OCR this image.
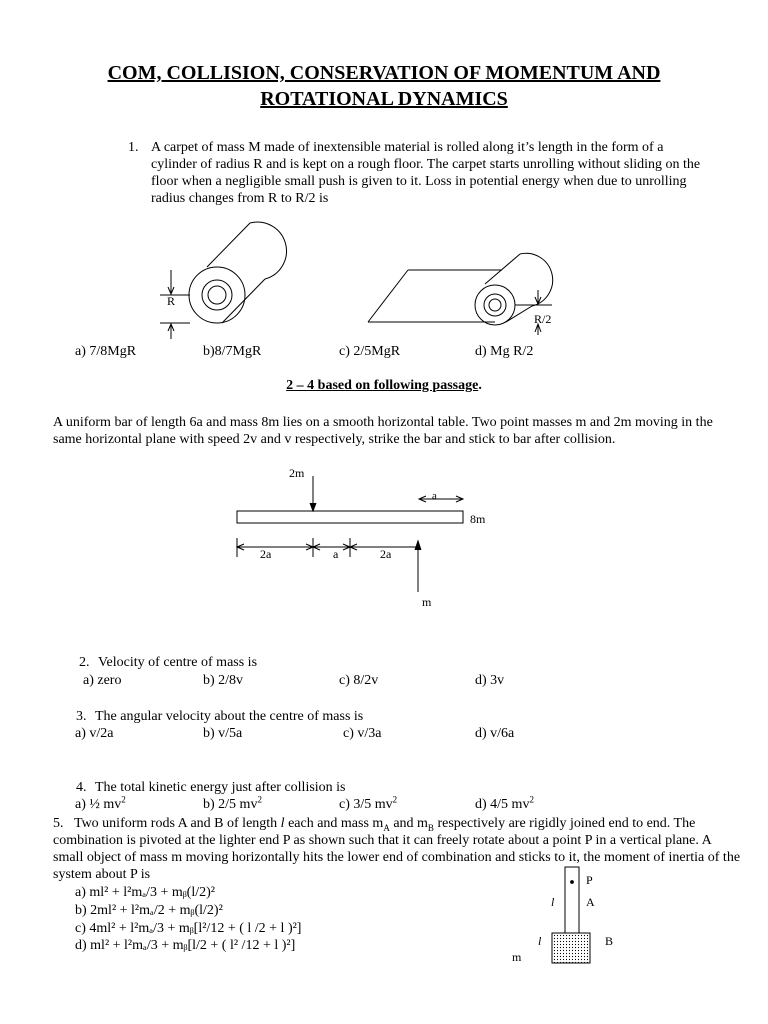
COM, COLLISION, CONSERVATION OF MOMENTUM AND ROTATIONAL DYNAMICS
1. A carpet of mass M made of inextensible material is rolled along it’s length in the form of a cylinder of radius R and is kept on a rough floor. The carpet starts unrolling without sliding on the floor when a negligible small push is given to it. Loss in potential energy when due to unrolling radius changes from R to R/2 is
R
R/2
a) 7/8MgR	b)8/7MgR	c) 2/5MgR	d) Mg R/2
2 – 4 based on following passage.
A uniform bar of length 6a and mass 8m lies on a smooth horizontal table. Two point masses m and 2m moving in the same horizontal plane with speed 2v and v respectively, strike the bar and stick to bar after collision.
2m
8m
a
2a	a	2a
m
2. Velocity of centre of mass is
a) zero	b) 2/8v	c) 8/2v	d) 3v
3. The angular velocity about the centre of mass is
a) v/2a	b) v/5a	c) v/3a	d) v/6a
4. The total kinetic energy just after collision is
a) ½ $mv^2$	b) 2/5 $mv^2$	c) 3/5 $mv^2$	d) 4/5 $mv^2$
5. Two uniform rods A and B of length l each and mass $m_A$ and $m_B$ respectively are rigidly joined end to end. The combination is pivoted at the lighter end P as shown such that it can freely rotate about a point P in a vertical plane. A small object of mass m moving horizontally hits the lower end of combination and sticks to it, the moment of inertia of the system about P is
a) ml² + l²mₐ/3 + mᵦ(l/2)²
b) 2ml² + l²mₐ/2 + mᵦ(l/2)²
c) 4ml² + l²mₐ/3 + mᵦ[l²/12 + ( l /2 + l )²]
d) ml² + l²mₐ/3 + mᵦ[l/2 + ( l² /12 + l )²]
P
A
B
l
l
m
